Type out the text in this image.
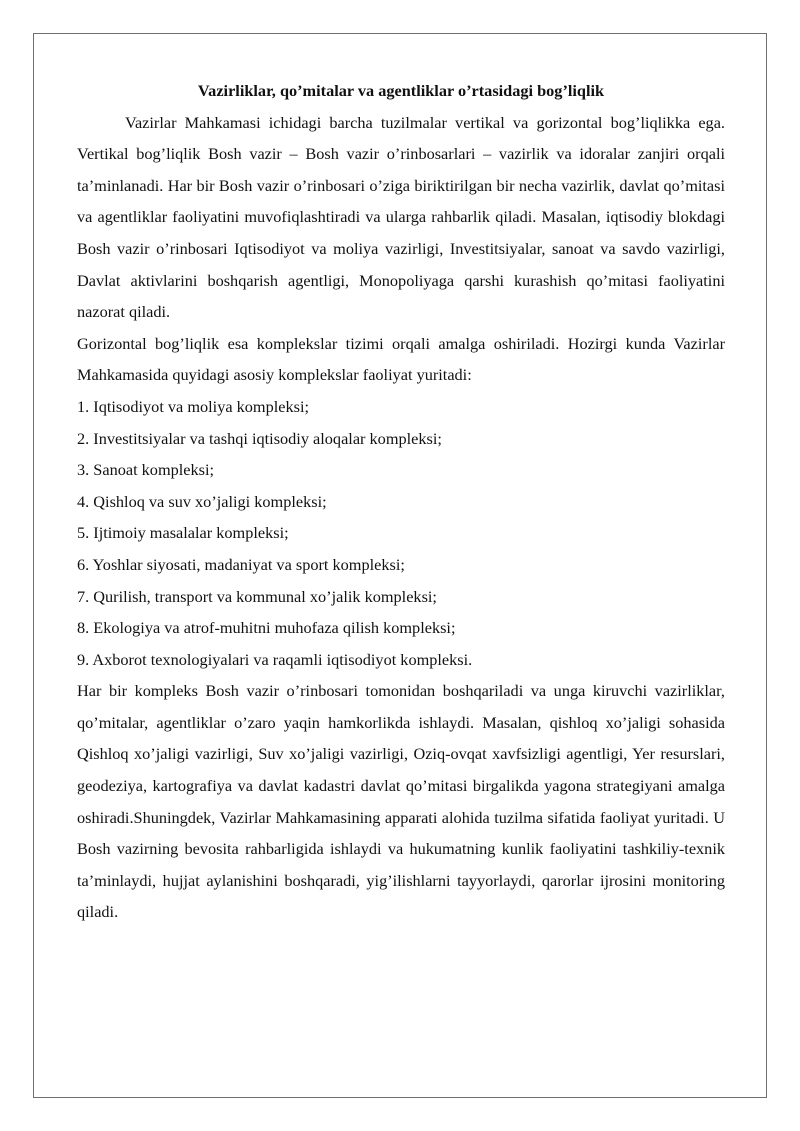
Vazirliklar, qo’mitalar va agentliklar o’rtasidagi bog’liqlik

Vazirlar Mahkamasi ichidagi barcha tuzilmalar vertikal va gorizontal bog’liqlikka ega. Vertikal bog’liqlik Bosh vazir – Bosh vazir o’rinbosarlari – vazirlik va idoralar zanjiri orqali ta’minlanadi. Har bir Bosh vazir o’rinbosari o’ziga biriktirilgan bir necha vazirlik, davlat qo’mitasi va agentliklar faoliyatini muvofiqlashtiradi va ularga rahbarlik qiladi. Masalan, iqtisodiy blokdagi Bosh vazir o’rinbosari Iqtisodiyot va moliya vazirligi, Investitsiyalar, sanoat va savdo vazirligi, Davlat aktivlarini boshqarish agentligi, Monopoliyaga qarshi kurashish qo’mitasi faoliyatini nazorat qiladi.

Gorizontal bog’liqlik esa komplekslar tizimi orqali amalga oshiriladi. Hozirgi kunda Vazirlar Mahkamasida quyidagi asosiy komplekslar faoliyat yuritadi:

1. Iqtisodiyot va moliya kompleksi;
2. Investitsiyalar va tashqi iqtisodiy aloqalar kompleksi;
3. Sanoat kompleksi;
4. Qishloq va suv xo’jaligi kompleksi;
5. Ijtimoiy masalalar kompleksi;
6. Yoshlar siyosati, madaniyat va sport kompleksi;
7. Qurilish, transport va kommunal xo’jalik kompleksi;
8. Ekologiya va atrof-muhitni muhofaza qilish kompleksi;
9. Axborot texnologiyalari va raqamli iqtisodiyot kompleksi.

Har bir kompleks Bosh vazir o’rinbosari tomonidan boshqariladi va unga kiruvchi vazirliklar, qo’mitalar, agentliklar o’zaro yaqin hamkorlikda ishlaydi. Masalan, qishloq xo’jaligi sohasida Qishloq xo’jaligi vazirligi, Suv xo’jaligi vazirligi, Oziq-ovqat xavfsizligi agentligi, Yer resurslari, geodeziya, kartografiya va davlat kadastri davlat qo’mitasi birgalikda yagona strategiyani amalga oshiradi.Shuningdek, Vazirlar Mahkamasining apparati alohida tuzilma sifatida faoliyat yuritadi. U Bosh vazirning bevosita rahbarligida ishlaydi va hukumatning kunlik faoliyatini tashkiliy-texnik ta’minlaydi, hujjat aylanishini boshqaradi, yig’ilishlarni tayyorlaydi, qarorlar ijrosini monitoring qiladi.
